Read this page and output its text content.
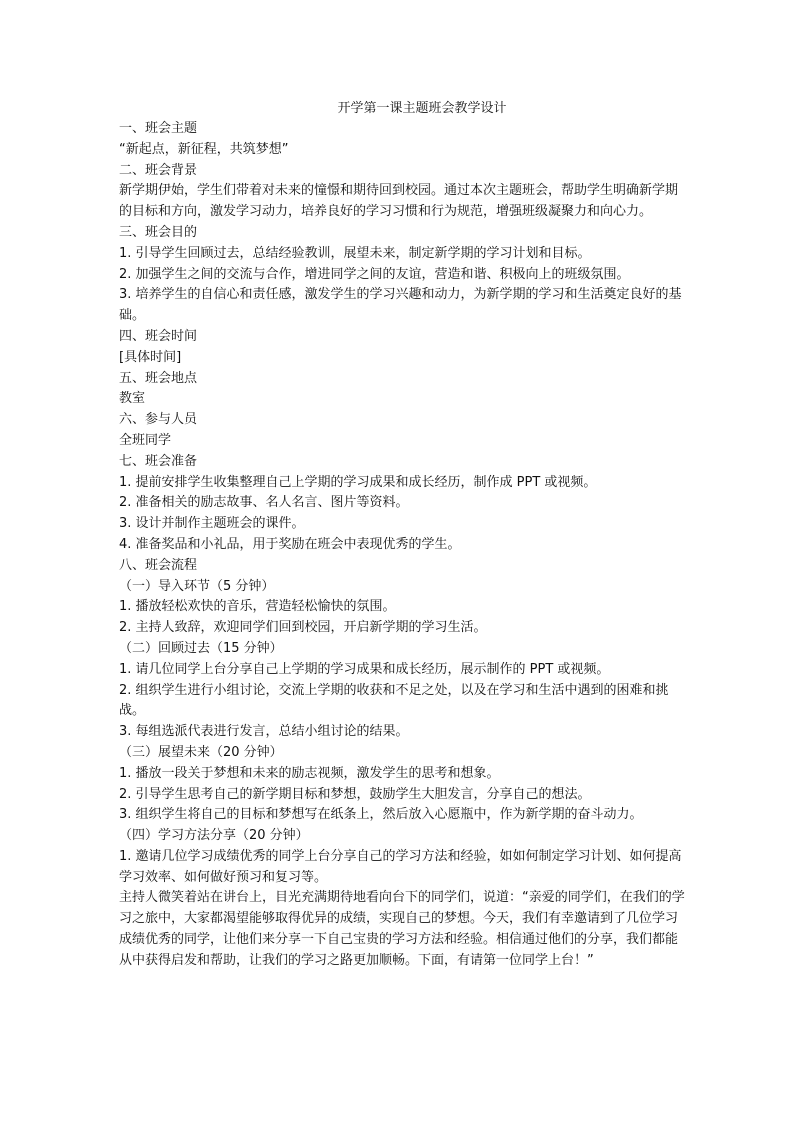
开学第一课主题班会教学设计

一、班会主题

“新起点，新征程，共筑梦想”

二、班会背景

新学期伊始，学生们带着对未来的憧憬和期待回到校园。通过本次主题班会，帮助学生明确新学期的目标和方向，激发学习动力，培养良好的学习习惯和行为规范，增强班级凝聚力和向心力。

三、班会目的

1. 引导学生回顾过去，总结经验教训，展望未来，制定新学期的学习计划和目标。

2. 加强学生之间的交流与合作，增进同学之间的友谊，营造和谐、积极向上的班级氛围。

3. 培养学生的自信心和责任感，激发学生的学习兴趣和动力，为新学期的学习和生活奠定良好的基础。

四、班会时间

[具体时间]

五、班会地点

教室

六、参与人员

全班同学

七、班会准备

1. 提前安排学生收集整理自己上学期的学习成果和成长经历，制作成 PPT 或视频。

2. 准备相关的励志故事、名人名言、图片等资料。

3. 设计并制作主题班会的课件。

4. 准备奖品和小礼品，用于奖励在班会中表现优秀的学生。

八、班会流程

（一）导入环节（5 分钟）

1. 播放轻松欢快的音乐，营造轻松愉快的氛围。

2. 主持人致辞，欢迎同学们回到校园，开启新学期的学习生活。

（二）回顾过去（15 分钟）

1. 请几位同学上台分享自己上学期的学习成果和成长经历，展示制作的 PPT 或视频。

2. 组织学生进行小组讨论，交流上学期的收获和不足之处，以及在学习和生活中遇到的困难和挑战。

3. 每组选派代表进行发言，总结小组讨论的结果。

（三）展望未来（20 分钟）

1. 播放一段关于梦想和未来的励志视频，激发学生的思考和想象。

2. 引导学生思考自己的新学期目标和梦想，鼓励学生大胆发言，分享自己的想法。

3. 组织学生将自己的目标和梦想写在纸条上，然后放入心愿瓶中，作为新学期的奋斗动力。

（四）学习方法分享（20 分钟）

1. 邀请几位学习成绩优秀的同学上台分享自己的学习方法和经验，如如何制定学习计划、如何提高学习效率、如何做好预习和复习等。

主持人微笑着站在讲台上，目光充满期待地看向台下的同学们，说道：“亲爱的同学们，在我们的学习之旅中，大家都渴望能够取得优异的成绩，实现自己的梦想。今天，我们有幸邀请到了几位学习成绩优秀的同学，让他们来分享一下自己宝贵的学习方法和经验。相信通过他们的分享，我们都能从中获得启发和帮助，让我们的学习之路更加顺畅。下面，有请第一位同学上台！”
